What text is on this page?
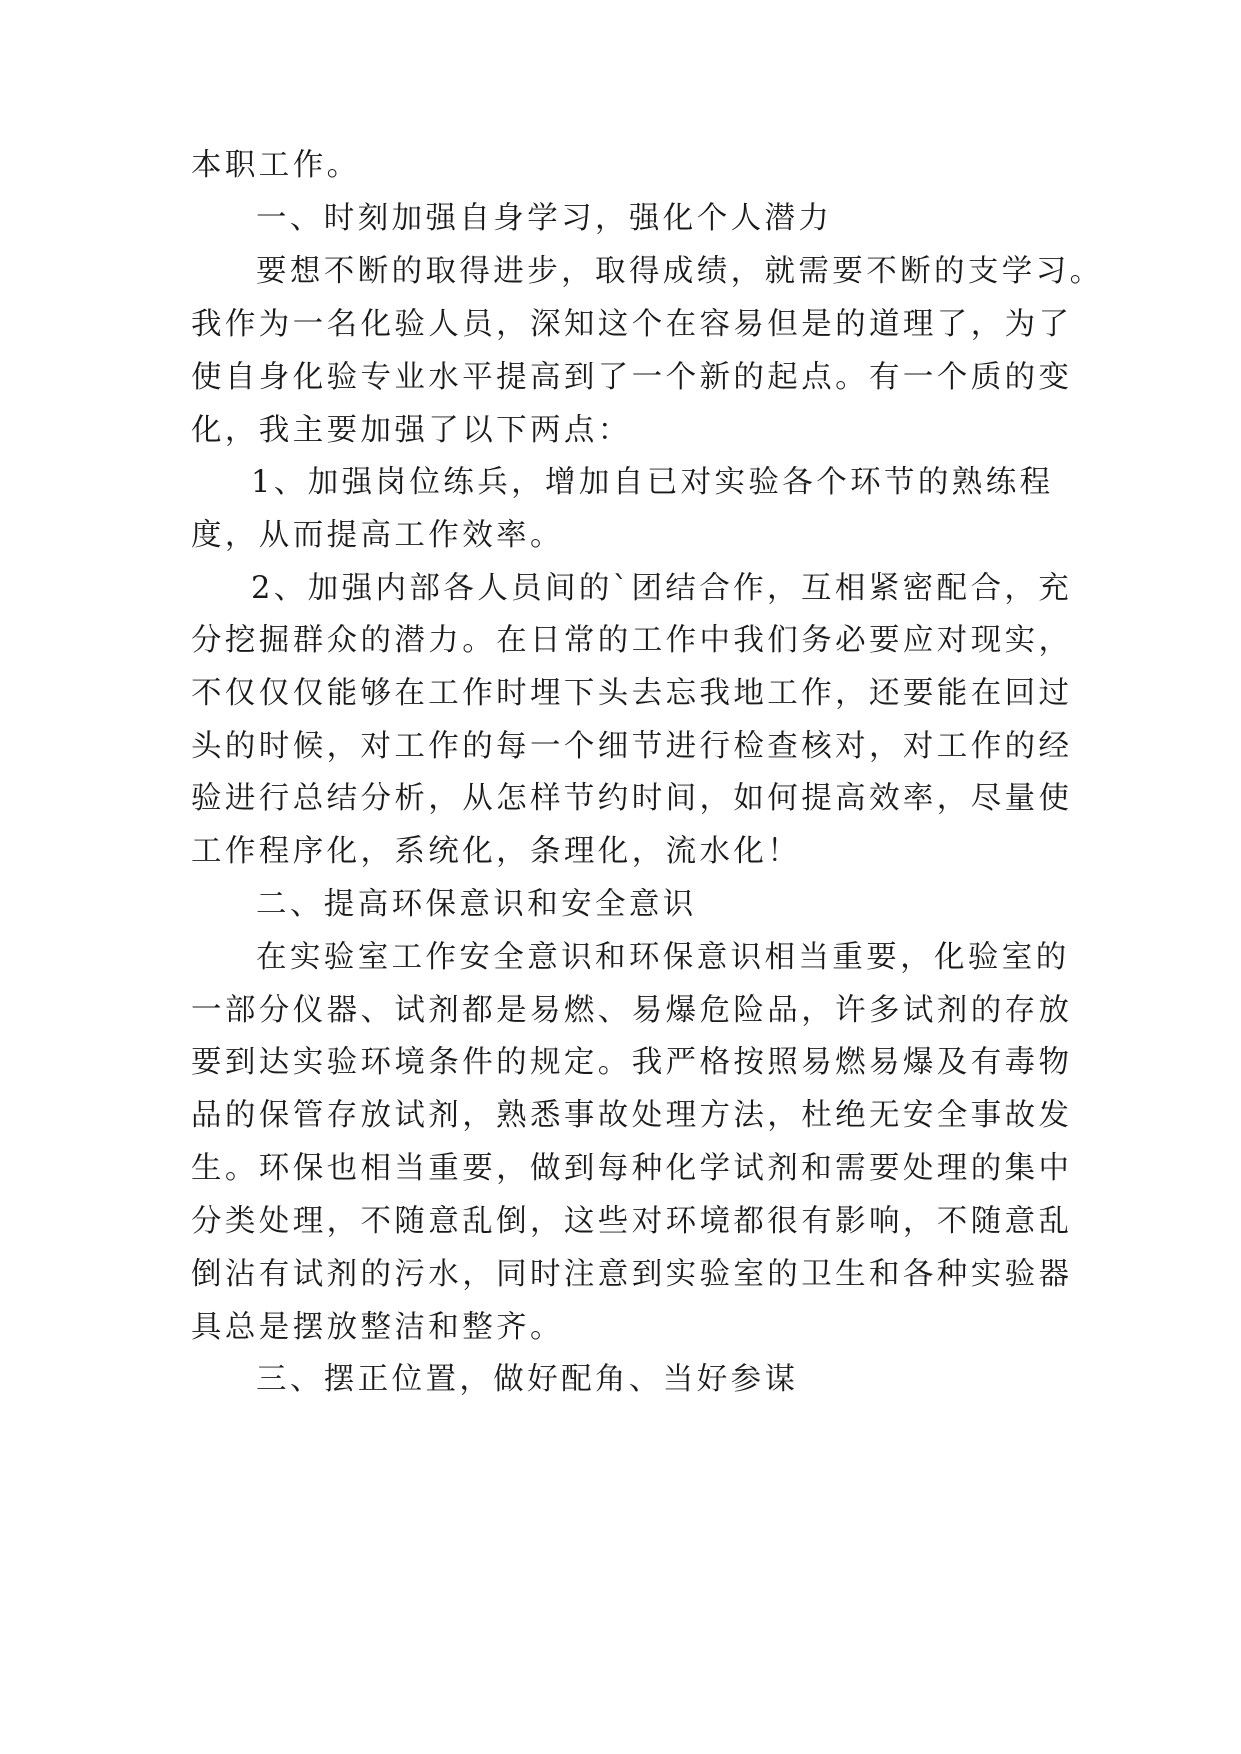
本职工作。
一、时刻加强自身学习，强化个人潜力
要想不断的取得进步，取得成绩，就需要不断的支学习。
我作为一名化验人员，深知这个在容易但是的道理了，为了
使自身化验专业水平提高到了一个新的起点。有一个质的变
化，我主要加强了以下两点：
1、加强岗位练兵，增加自已对实验各个环节的熟练程
度，从而提高工作效率。
2、加强内部各人员间的`团结合作，互相紧密配合，充
分挖掘群众的潜力。在日常的工作中我们务必要应对现实，
不仅仅仅能够在工作时埋下头去忘我地工作，还要能在回过
头的时候，对工作的每一个细节进行检查核对，对工作的经
验进行总结分析，从怎样节约时间，如何提高效率，尽量使
工作程序化，系统化，条理化，流水化！
二、提高环保意识和安全意识
在实验室工作安全意识和环保意识相当重要，化验室的
一部分仪器、试剂都是易燃、易爆危险品，许多试剂的存放
要到达实验环境条件的规定。我严格按照易燃易爆及有毒物
品的保管存放试剂，熟悉事故处理方法，杜绝无安全事故发
生。环保也相当重要，做到每种化学试剂和需要处理的集中
分类处理，不随意乱倒，这些对环境都很有影响，不随意乱
倒沾有试剂的污水，同时注意到实验室的卫生和各种实验器
具总是摆放整洁和整齐。
三、摆正位置，做好配角、当好参谋
